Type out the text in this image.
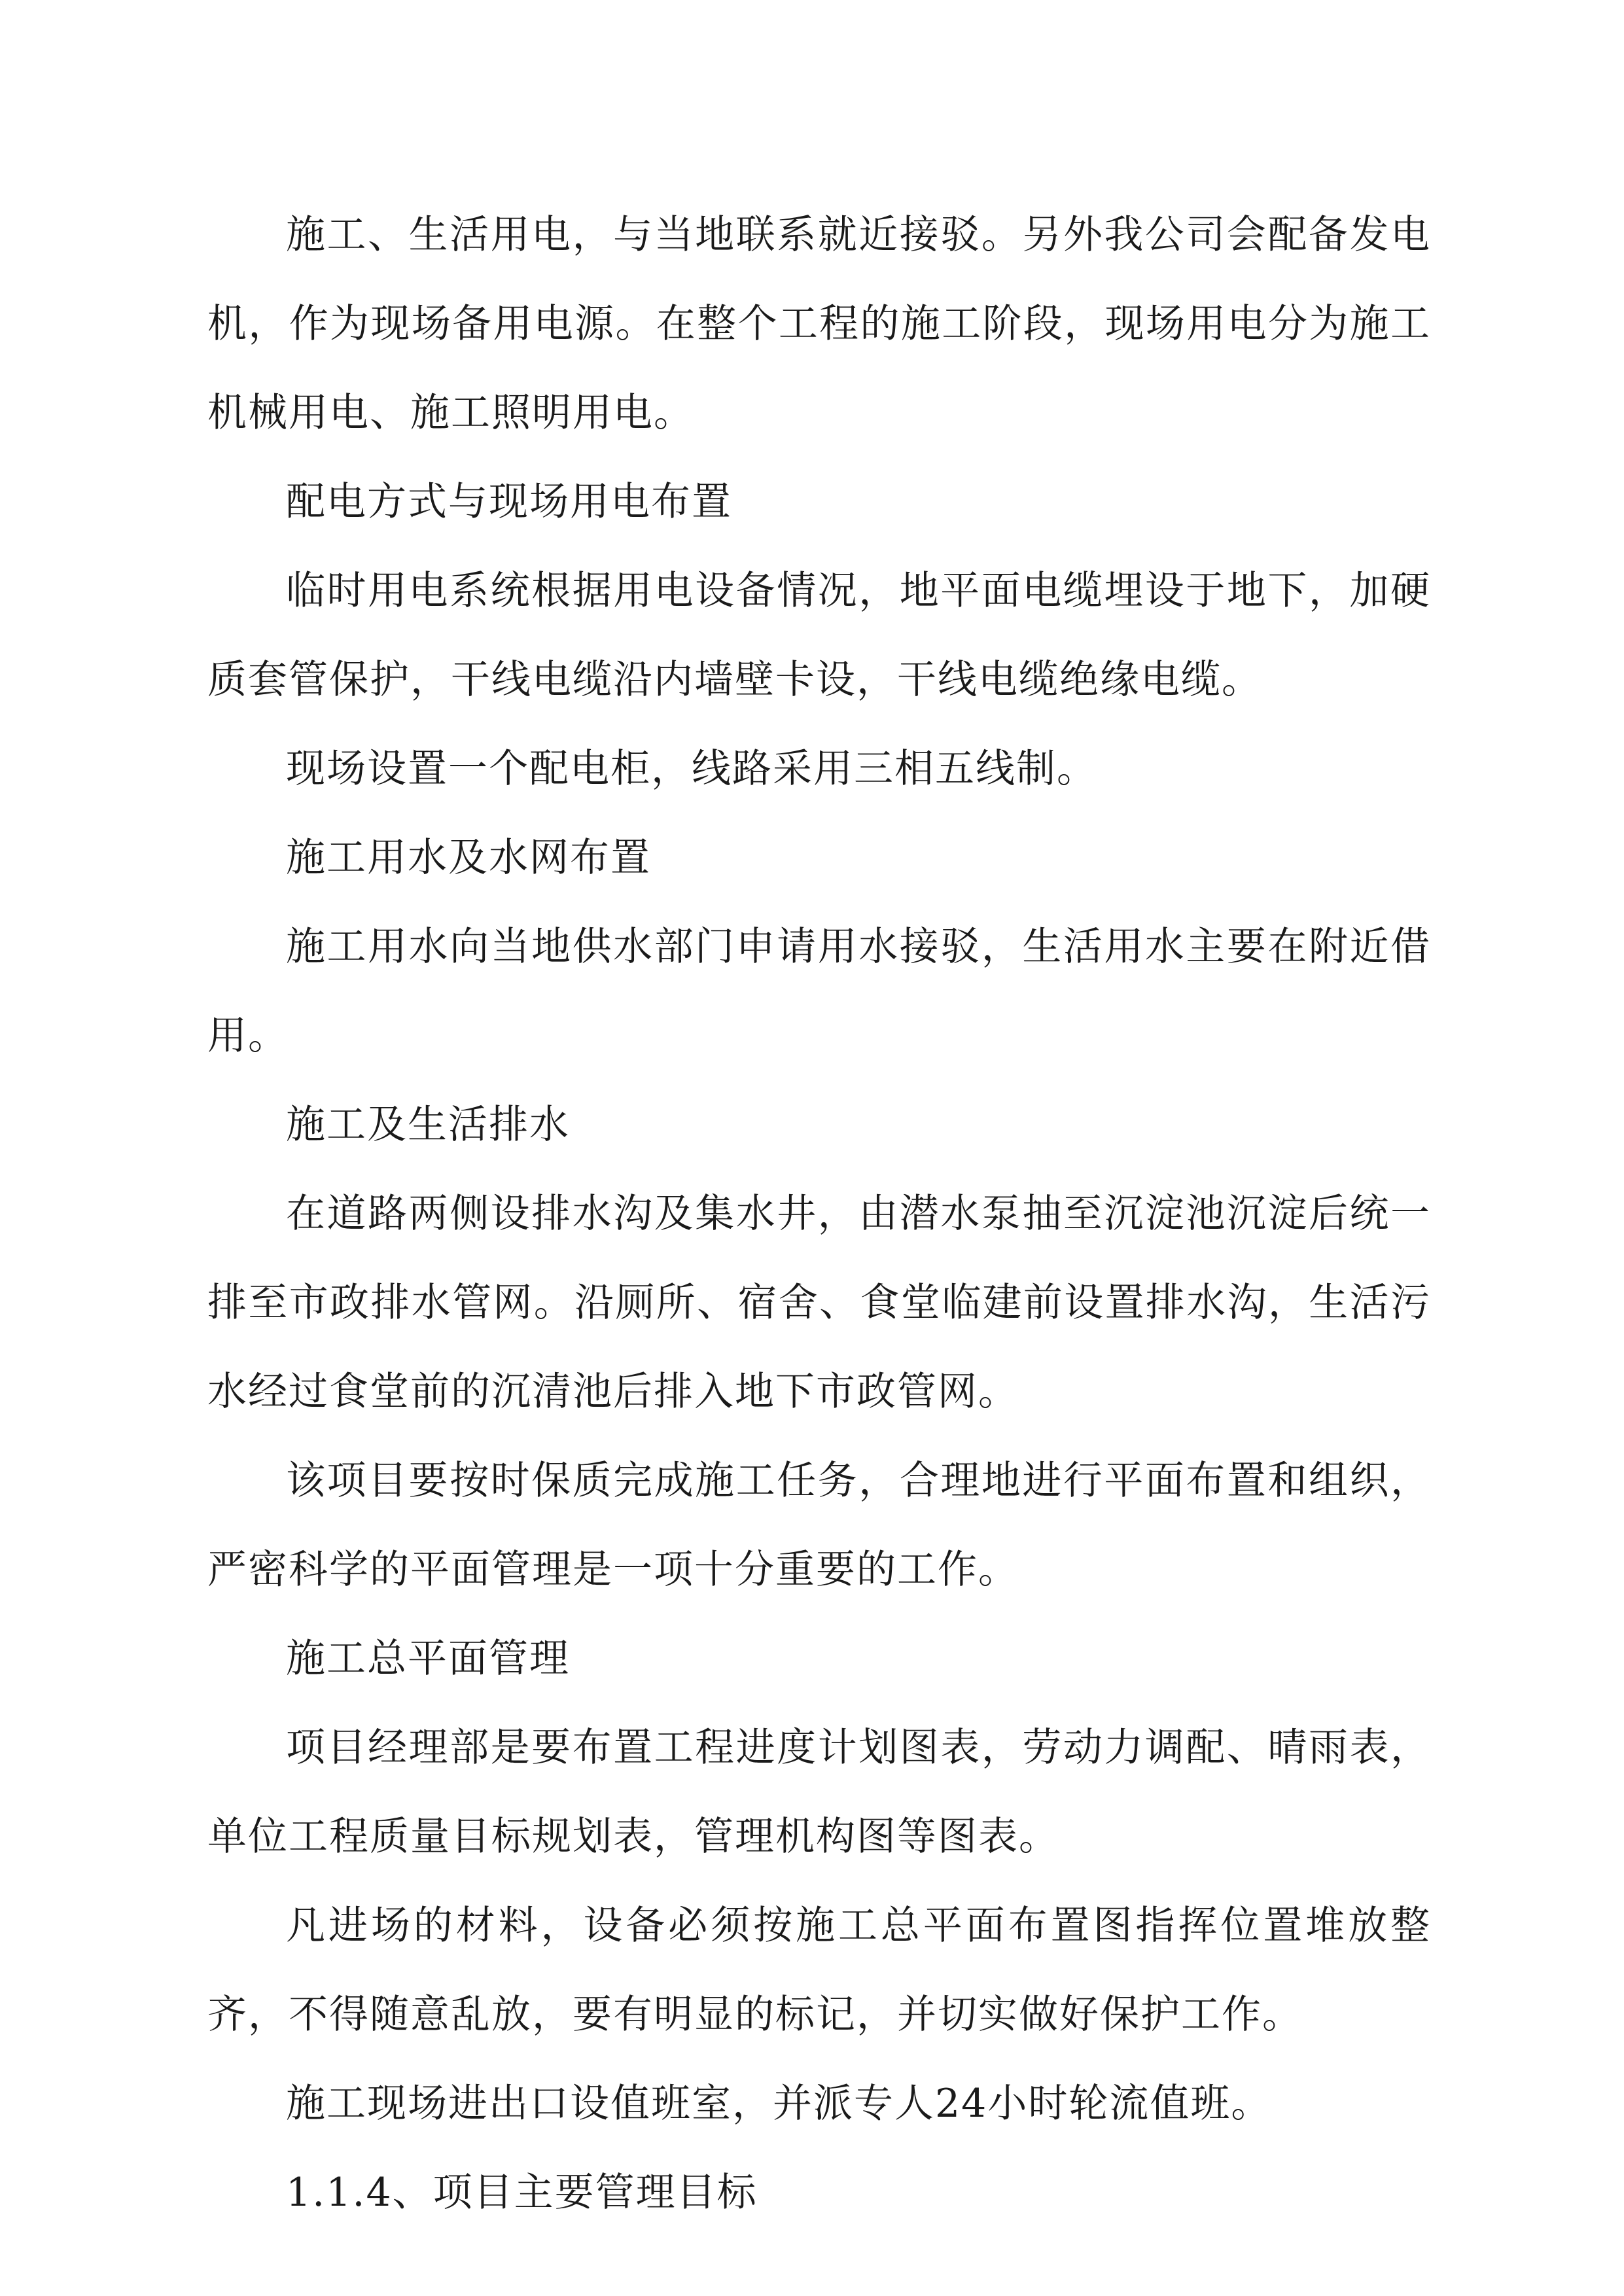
施工、生活用电，与当地联系就近接驳。另外我公司会配备发电机，作为现场备用电源。在整个工程的施工阶段，现场用电分为施工机械用电、施工照明用电。

配电方式与现场用电布置

临时用电系统根据用电设备情况，地平面电缆埋设于地下，加硬质套管保护，干线电缆沿内墙壁卡设，干线电缆绝缘电缆。

现场设置一个配电柜，线路采用三相五线制。

施工用水及水网布置

施工用水向当地供水部门申请用水接驳，生活用水主要在附近借用。

施工及生活排水

在道路两侧设排水沟及集水井，由潜水泵抽至沉淀池沉淀后统一排至市政排水管网。沿厕所、宿舍、食堂临建前设置排水沟，生活污水经过食堂前的沉清池后排入地下市政管网。

该项目要按时保质完成施工任务，合理地进行平面布置和组织，严密科学的平面管理是一项十分重要的工作。

施工总平面管理

项目经理部是要布置工程进度计划图表，劳动力调配、晴雨表，单位工程质量目标规划表，管理机构图等图表。

凡进场的材料，设备必须按施工总平面布置图指挥位置堆放整齐，不得随意乱放，要有明显的标记，并切实做好保护工作。

施工现场进出口设值班室，并派专人24小时轮流值班。

1.1.4、项目主要管理目标
